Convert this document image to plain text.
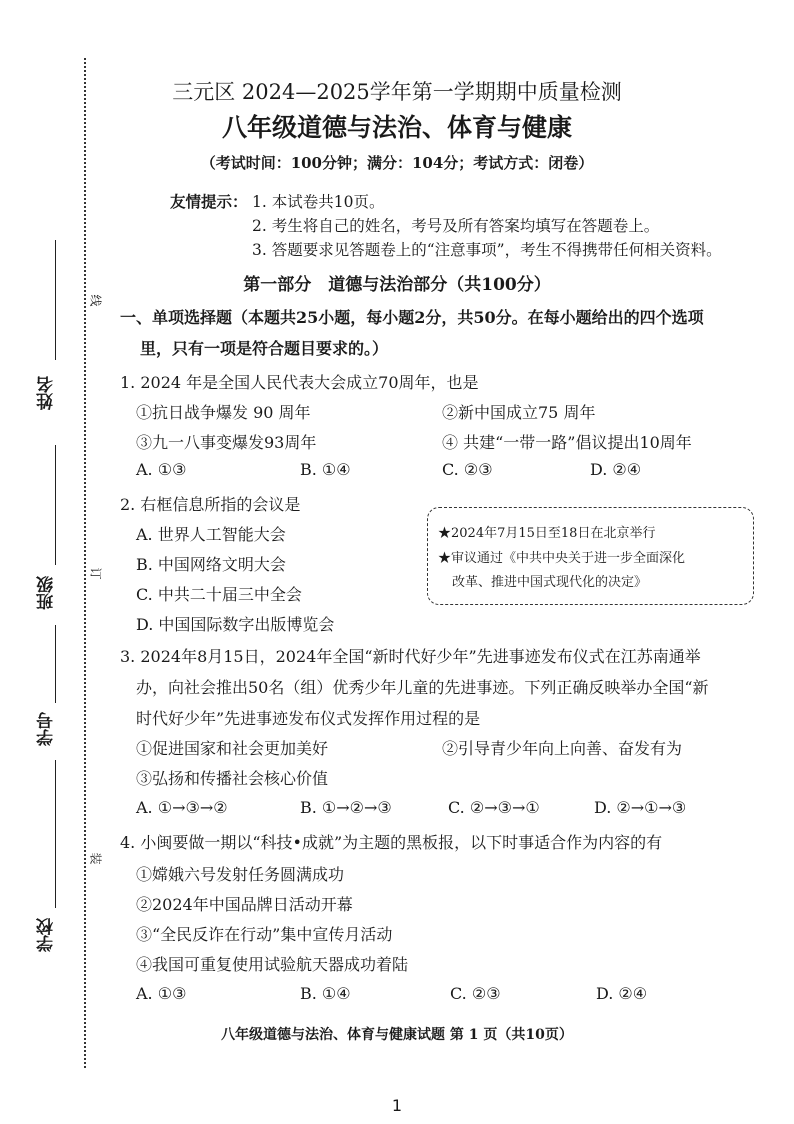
线
订
装
姓名
班级
学号
学校
三元区 2024—2025学年第一学期期中质量检测
八年级道德与法治、体育与健康
（考试时间：100分钟；满分：104分；考试方式：闭卷）
友情提示： 1. 本试卷共10页。
2. 考生将自己的姓名，考号及所有答案均填写在答题卷上。
3. 答题要求见答题卷上的“注意事项”，考生不得携带任何相关资料。
第一部分　道德与法治部分（共100分）
一、单项选择题（本题共25小题，每小题2分，共50分。在每小题给出的四个选项
里，只有一项是符合题目要求的。）
1. 2024 年是全国人民代表大会成立70周年，也是
①抗日战争爆发 90 周年	②新中国成立75 周年
③九一八事变爆发93周年	④ 共建“一带一路”倡议提出10周年
A. ①③	B. ①④	C. ②③	D. ②④
2. 右框信息所指的会议是
A. 世界人工智能大会
B. 中国网络文明大会
C. 中共二十届三中全会
D. 中国国际数字出版博览会
★2024年7月15日至18日在北京举行
★审议通过《中共中央关于进一步全面深化
改革、推进中国式现代化的决定》
3. 2024年8月15日，2024年全国“新时代好少年”先进事迹发布仪式在江苏南通举
办，向社会推出50名（组）优秀少年儿童的先进事迹。下列正确反映举办全国“新
时代好少年”先进事迹发布仪式发挥作用过程的是
①促进国家和社会更加美好	②引导青少年向上向善、奋发有为
③弘扬和传播社会核心价值
A. ①→③→②	B. ①→②→③	C. ②→③→①	D. ②→①→③
4. 小闽要做一期以“科技•成就”为主题的黑板报，以下时事适合作为内容的有
①嫦娥六号发射任务圆满成功
②2024年中国品牌日活动开幕
③“全民反诈在行动”集中宣传月活动
④我国可重复使用试验航天器成功着陆
A. ①③	B. ①④	C. ②③	D. ②④
八年级道德与法治、体育与健康试题 第 1 页（共10页）
1
